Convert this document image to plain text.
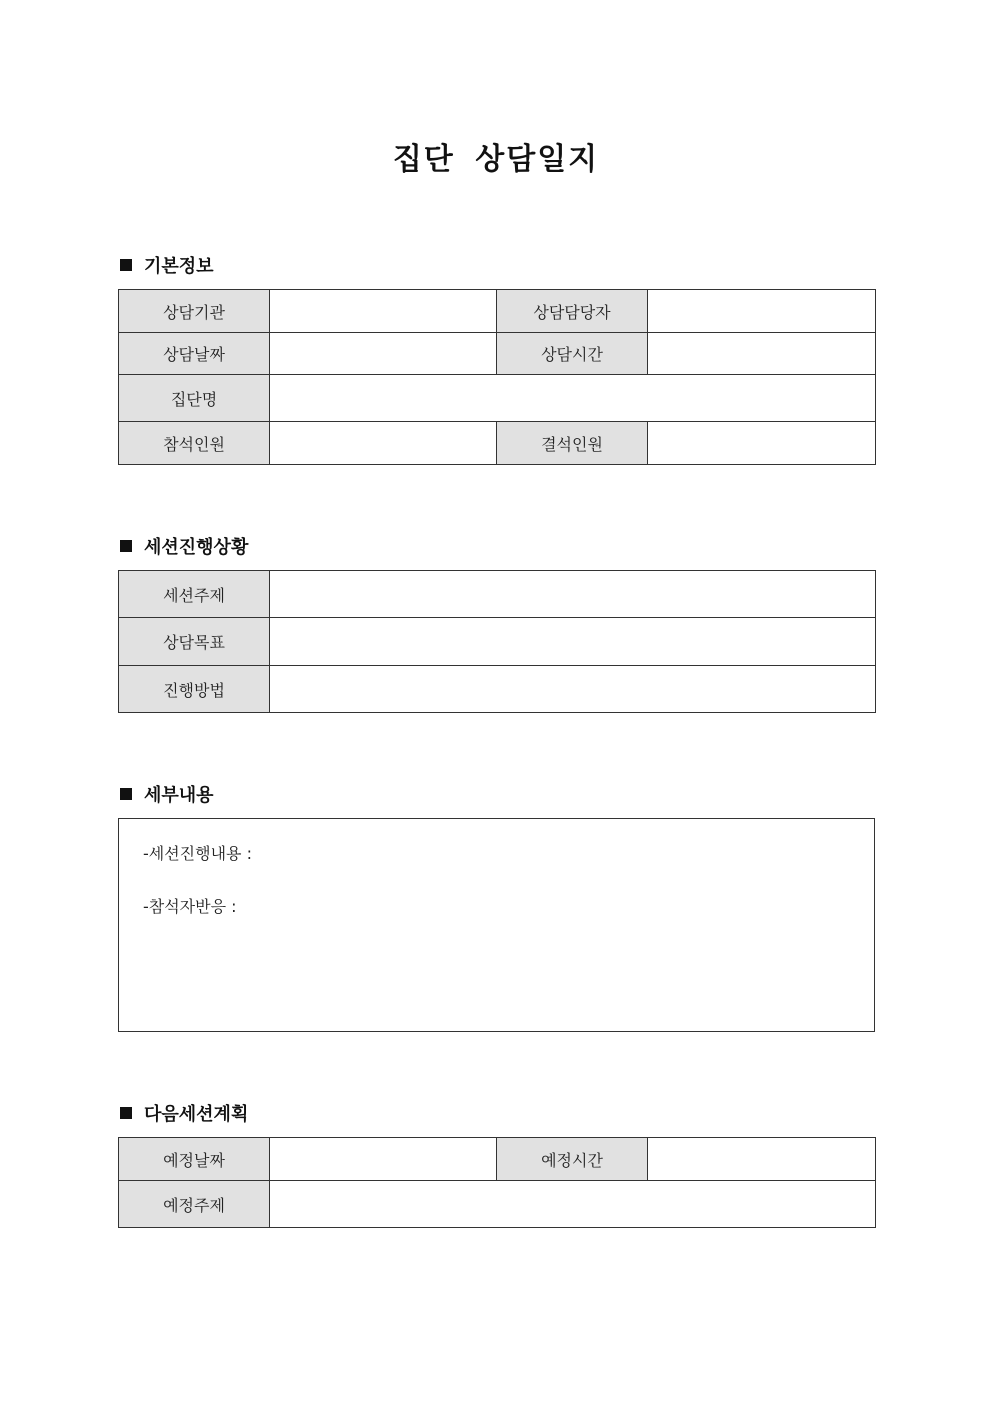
집단 상담일지
기본정보
상담기관		상담담당자	
상담날짜		상담시간	
집단명			
참석인원		결석인원	
세션진행상황
세션주제	
상담목표	
진행방법	
세부내용
-세션진행내용 :
-참석자반응 :
다음세션계획
예정날짜		예정시간	
예정주제			
